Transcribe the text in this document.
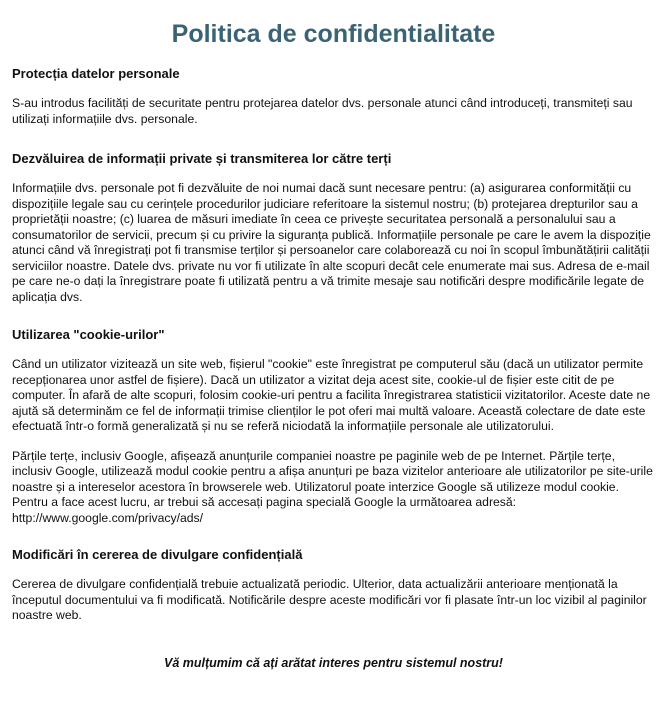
Politica de confidentialitate
Protecția datelor personale

S-au introdus facilități de securitate pentru protejarea datelor dvs. personale atunci când introduceți, transmiteți sau utilizați informațiile dvs. personale.

Dezvăluirea de informații private și transmiterea lor către terți

Informațiile dvs. personale pot fi dezvăluite de noi numai dacă sunt necesare pentru: (a) asigurarea conformității cu dispozițiile legale sau cu cerințele procedurilor judiciare referitoare la sistemul nostru; (b) protejarea drepturilor sau a proprietății noastre; (c) luarea de măsuri imediate în ceea ce privește securitatea personală a personalului sau a consumatorilor de servicii, precum și cu privire la siguranța publică. Informațiile personale pe care le avem la dispoziție atunci când vă înregistrați pot fi transmise terților și persoanelor care colaborează cu noi în scopul îmbunătățirii calității serviciilor noastre. Datele dvs. private nu vor fi utilizate în alte scopuri decât cele enumerate mai sus. Adresa de e-mail pe care ne-o dați la înregistrare poate fi utilizată pentru a vă trimite mesaje sau notificări despre modificările legate de aplicația dvs.

Utilizarea "cookie-urilor"

Când un utilizator vizitează un site web, fișierul "cookie" este înregistrat pe computerul său (dacă un utilizator permite recepționarea unor astfel de fișiere). Dacă un utilizator a vizitat deja acest site, cookie-ul de fișier este citit de pe computer. În afară de alte scopuri, folosim cookie-uri pentru a facilita înregistrarea statisticii vizitatorilor. Aceste date ne ajută să determinăm ce fel de informații trimise clienților le pot oferi mai multă valoare. Această colectare de date este efectuată într-o formă generalizată și nu se referă niciodată la informațiile personale ale utilizatorului.

Părțile terțe, inclusiv Google, afișează anunțurile companiei noastre pe paginile web de pe Internet. Părțile terțe, inclusiv Google, utilizează modul cookie pentru a afișa anunțuri pe baza vizitelor anterioare ale utilizatorilor pe site-urile noastre și a intereselor acestora în browserele web. Utilizatorul poate interzice Google să utilizeze modul cookie. Pentru a face acest lucru, ar trebui să accesați pagina specială Google la următoarea adresă: http://www.google.com/privacy/ads/

Modificări în cererea de divulgare confidențială

Cererea de divulgare confidențială trebuie actualizată periodic. Ulterior, data actualizării anterioare menționată la începutul documentului va fi modificată. Notificările despre aceste modificări vor fi plasate într-un loc vizibil al paginilor noastre web.

Vă mulțumim că ați arătat interes pentru sistemul nostru!
